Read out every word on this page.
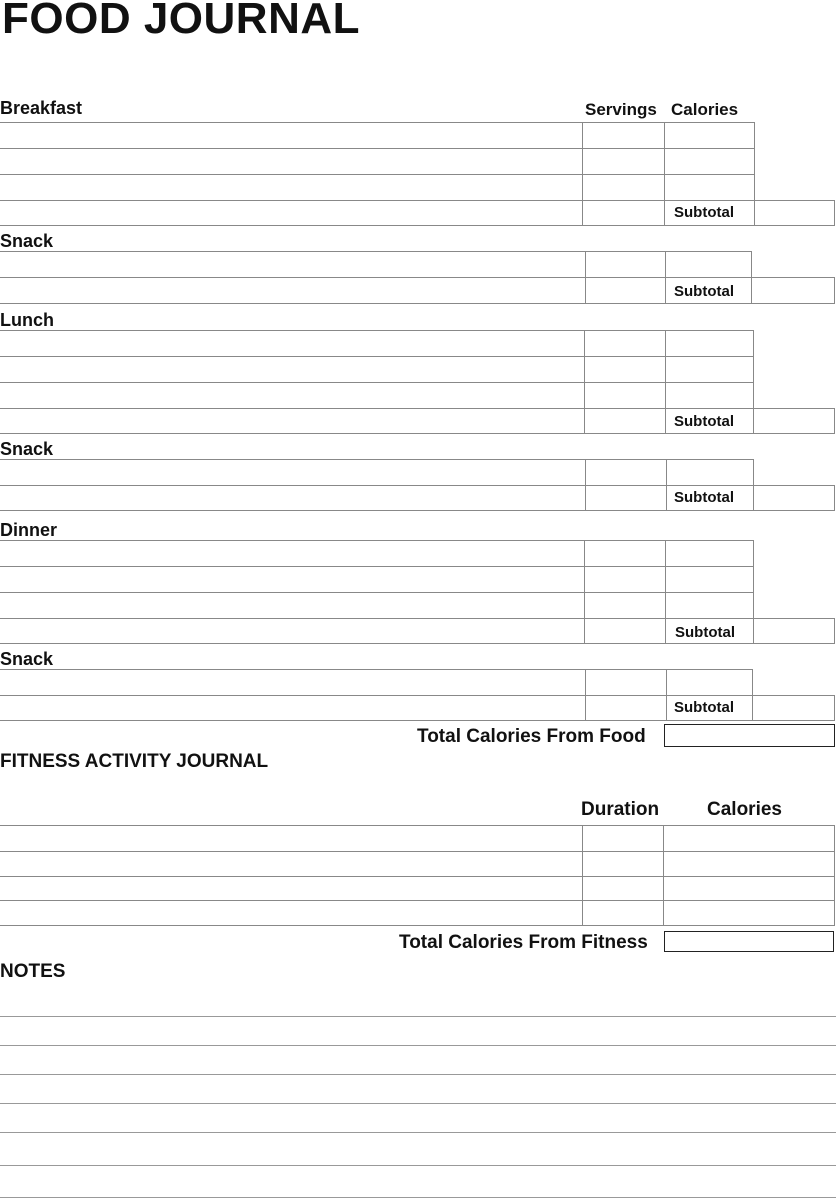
FOOD JOURNAL
Servings Calories
Breakfast
Subtotal
Snack
Subtotal
Lunch
Subtotal
Snack
Subtotal
Dinner
Subtotal
Snack
Subtotal
Total Calories From Food
FITNESS ACTIVITY JOURNAL
Duration	Calories
Total Calories From Fitness
NOTES
